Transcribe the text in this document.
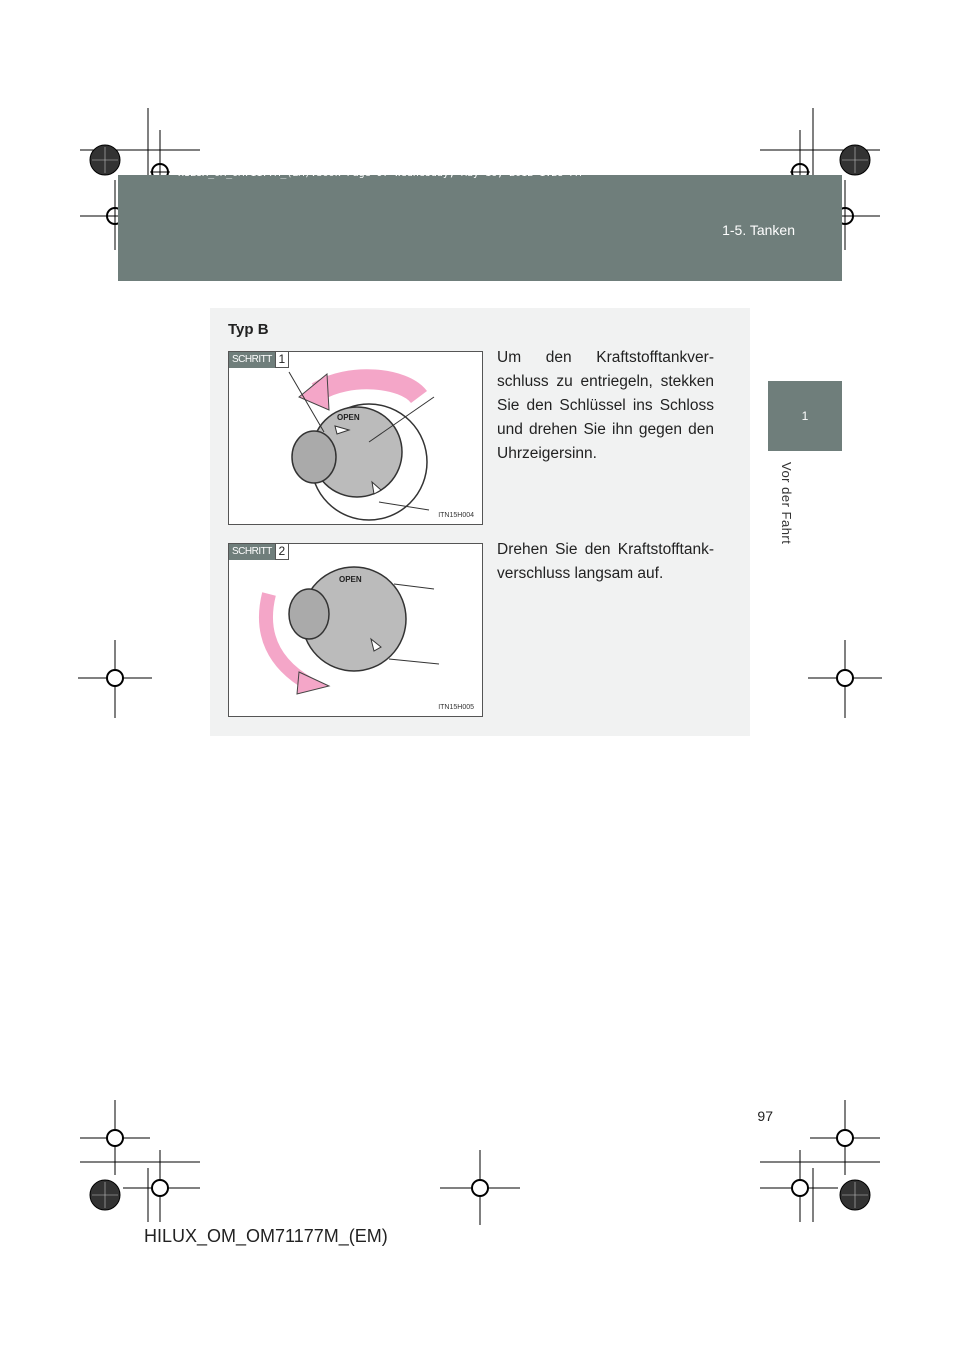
HILUX_OM_OM71177M_(EM).book Page 97 Wednesday, May 16, 2012 1:28 PM
1-5. Tanken
1
Vor der Fahrt
Typ B
OPEN
SCHRITT 1
ITN15H004
Um den Kraftstofftankverschluss zu entriegeln, stekken Sie den Schlüssel ins Schloss und drehen Sie ihn gegen den Uhrzeigersinn.
OPEN
SCHRITT 2
ITN15H005
Drehen Sie den Kraftstofftankverschluss langsam auf.
97
HILUX_OM_OM71177M_(EM)
